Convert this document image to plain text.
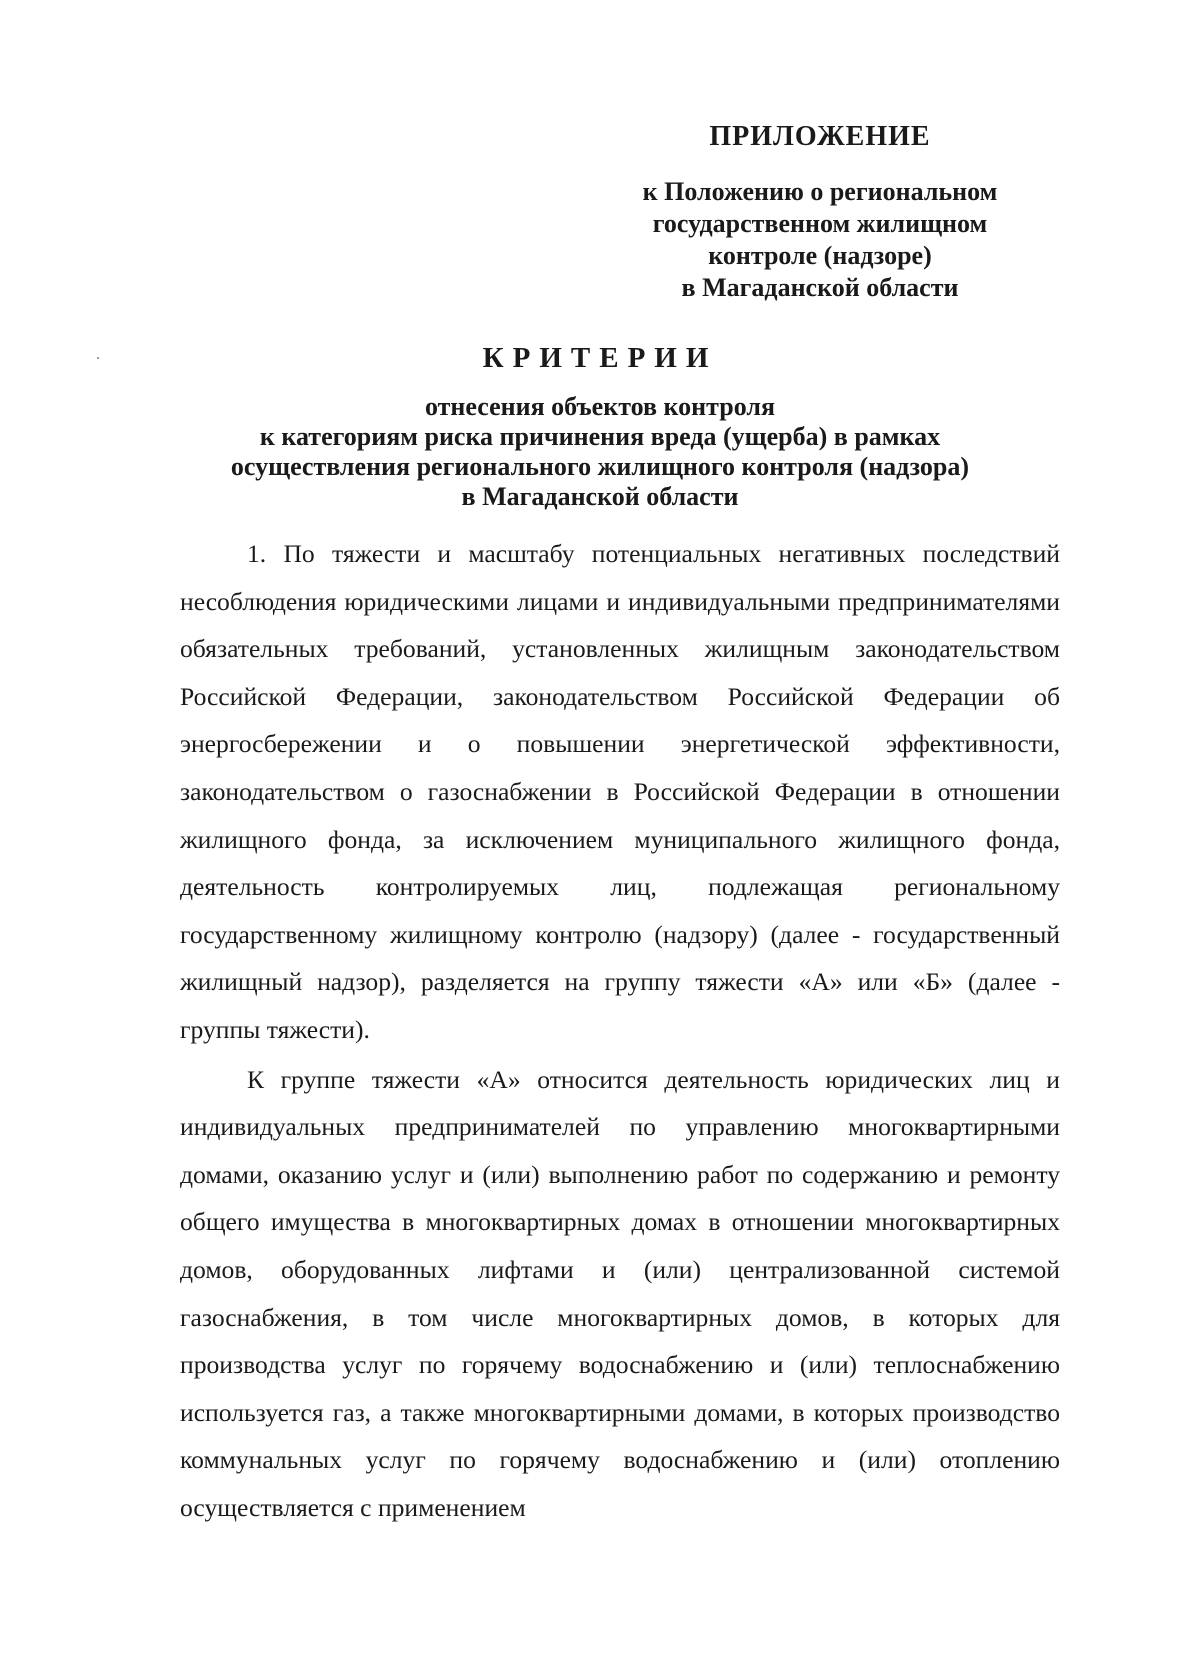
ПРИЛОЖЕНИЕ
к Положению о региональном
государственном жилищном
контроле (надзоре)
в Магаданской области
КРИТЕРИИ
отнесения объектов контроля
к категориям риска причинения вреда (ущерба) в рамках
осуществления регионального жилищного контроля (надзора)
в Магаданской области

1. По тяжести и масштабу потенциальных негативных последствий несоблюдения юридическими лицами и индивидуальными предпринимателями обязательных требований, установленных жилищным законодательством Российской Федерации, законодательством Российской Федерации об энергосбережении и о повышении энергетической эффективности, законодательством о газоснабжении в Российской Федерации в отношении жилищного фонда, за исключением муниципального жилищного фонда, деятельность контролируемых лиц, подлежащая региональному государственному жилищному контролю (надзору) (далее - государственный жилищный надзор), разделяется на группу тяжести «А» или «Б» (далее - группы тяжести).

К группе тяжести «А» относится деятельность юридических лиц и индивидуальных предпринимателей по управлению многоквартирными домами, оказанию услуг и (или) выполнению работ по содержанию и ремонту общего имущества в многоквартирных домах в отношении многоквартирных домов, оборудованных лифтами и (или) централизованной системой газоснабжения, в том числе многоквартирных домов, в которых для производства услуг по горячему водоснабжению и (или) теплоснабжению используется газ, а также многоквартирными домами, в которых производство коммунальных услуг по горячему водоснабжению и (или) отоплению осуществляется с применением
